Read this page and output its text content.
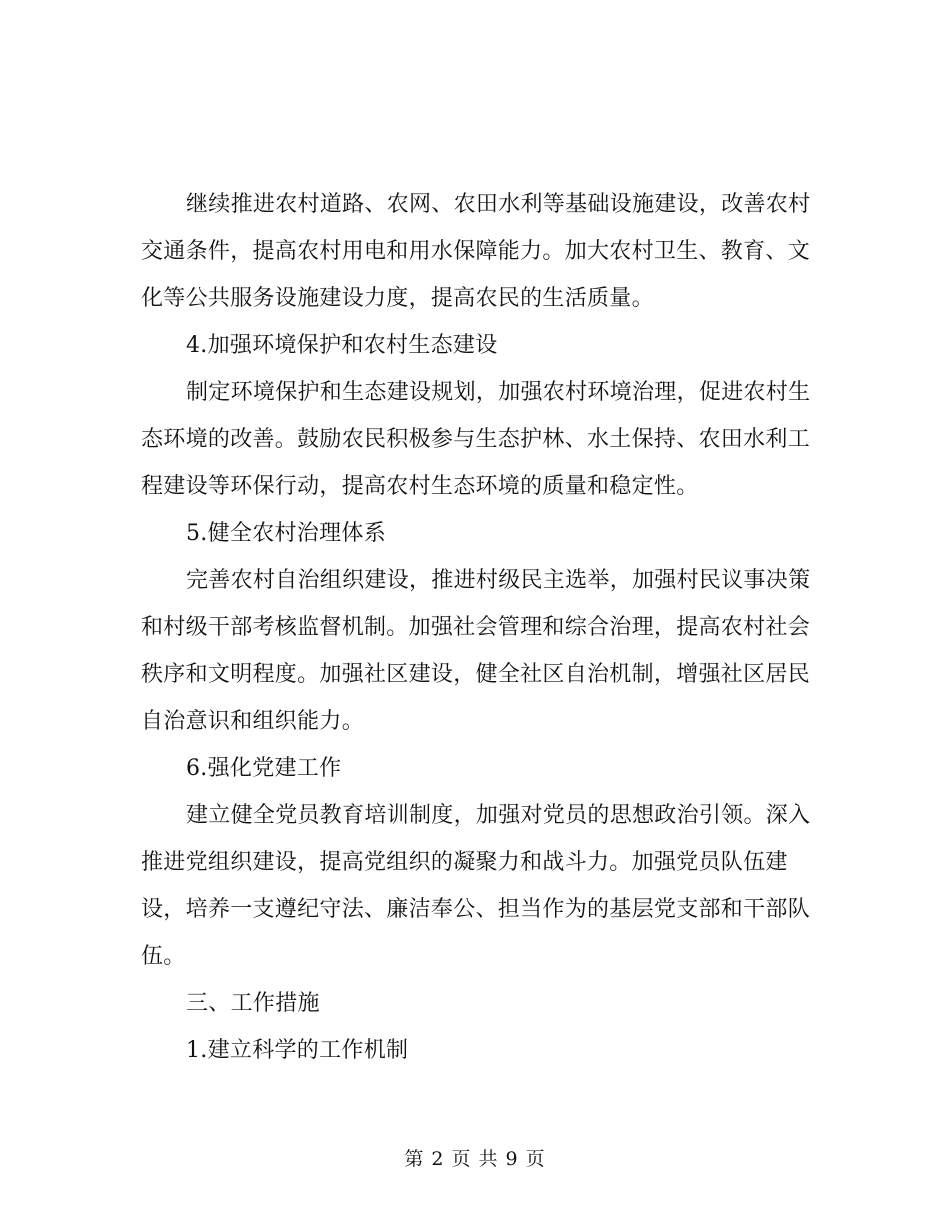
继续推进农村道路、农网、农田水利等基础设施建设，改善农村
交通条件，提高农村用电和用水保障能力。加大农村卫生、教育、文
化等公共服务设施建设力度，提高农民的生活质量。
4.加强环境保护和农村生态建设
制定环境保护和生态建设规划，加强农村环境治理，促进农村生
态环境的改善。鼓励农民积极参与生态护林、水土保持、农田水利工
程建设等环保行动，提高农村生态环境的质量和稳定性。
5.健全农村治理体系
完善农村自治组织建设，推进村级民主选举，加强村民议事决策
和村级干部考核监督机制。加强社会管理和综合治理，提高农村社会
秩序和文明程度。加强社区建设，健全社区自治机制，增强社区居民
自治意识和组织能力。
6.强化党建工作
建立健全党员教育培训制度，加强对党员的思想政治引领。深入
推进党组织建设，提高党组织的凝聚力和战斗力。加强党员队伍建
设，培养一支遵纪守法、廉洁奉公、担当作为的基层党支部和干部队
伍。
三、工作措施
1.建立科学的工作机制
第 2 页 共 9 页
